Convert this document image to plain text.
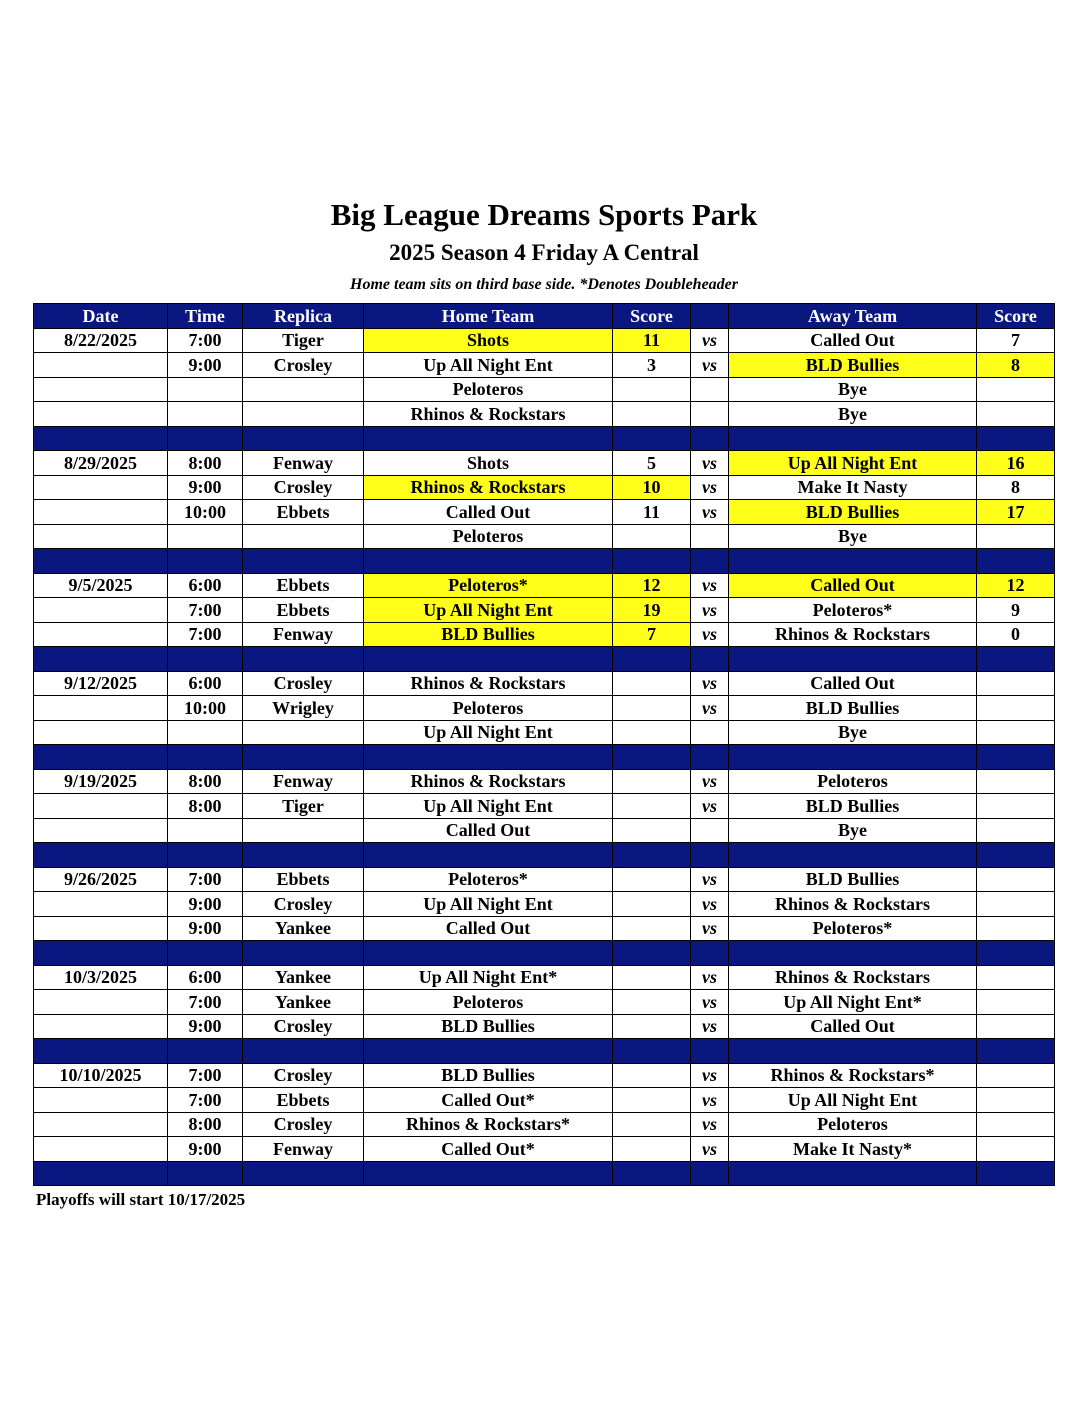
Big League Dreams Sports Park
2025 Season 4 Friday A Central
Home team sits on third base side. *Denotes Doubleheader
Date	Time	Replica	Home Team	Score		Away Team	Score
8/22/2025	7:00	Tiger	Shots	11	vs	Called Out	7
	9:00	Crosley	Up All Night Ent	3	vs	BLD Bullies	8
			Peloteros			Bye	
			Rhinos & Rockstars			Bye	

8/29/2025	8:00	Fenway	Shots	5	vs	Up All Night Ent	16
	9:00	Crosley	Rhinos & Rockstars	10	vs	Make It Nasty	8
	10:00	Ebbets	Called Out	11	vs	BLD Bullies	17
			Peloteros			Bye	

9/5/2025	6:00	Ebbets	Peloteros*	12	vs	Called Out	12
	7:00	Ebbets	Up All Night Ent	19	vs	Peloteros*	9
	7:00	Fenway	BLD Bullies	7	vs	Rhinos & Rockstars	0

9/12/2025	6:00	Crosley	Rhinos & Rockstars		vs	Called Out	
	10:00	Wrigley	Peloteros		vs	BLD Bullies	
			Up All Night Ent			Bye	

9/19/2025	8:00	Fenway	Rhinos & Rockstars		vs	Peloteros	
	8:00	Tiger	Up All Night Ent		vs	BLD Bullies	
			Called Out			Bye	

9/26/2025	7:00	Ebbets	Peloteros*		vs	BLD Bullies	
	9:00	Crosley	Up All Night Ent		vs	Rhinos & Rockstars	
	9:00	Yankee	Called Out		vs	Peloteros*	

10/3/2025	6:00	Yankee	Up All Night Ent*		vs	Rhinos & Rockstars	
	7:00	Yankee	Peloteros		vs	Up All Night Ent*	
	9:00	Crosley	BLD Bullies		vs	Called Out	

10/10/2025	7:00	Crosley	BLD Bullies		vs	Rhinos & Rockstars*	
	7:00	Ebbets	Called Out*		vs	Up All Night Ent	
	8:00	Crosley	Rhinos & Rockstars*		vs	Peloteros	
	9:00	Fenway	Called Out*		vs	Make It Nasty*	

Playoffs will start 10/17/2025
